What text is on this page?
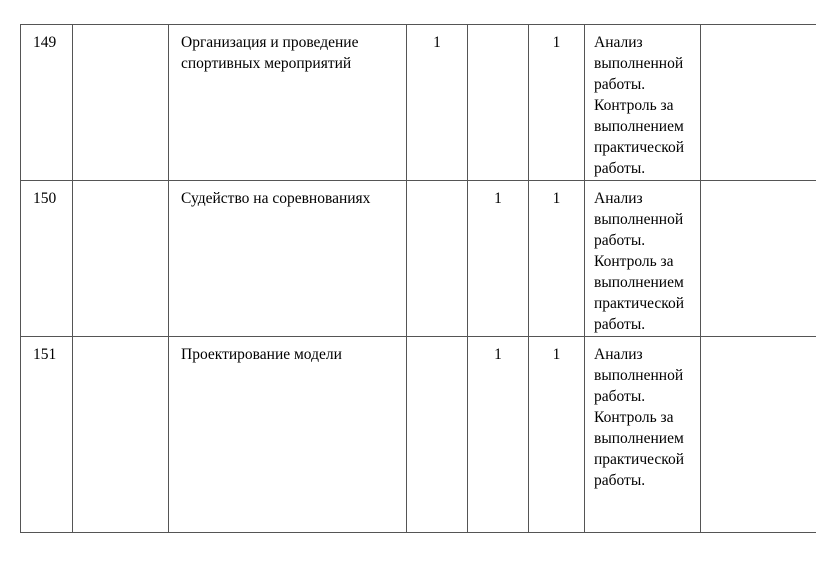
149		Организация и проведение спортивных мероприятий	1		1	Анализ выполненной работы. Контроль за выполнением практической работы.	
150		Судейство на соревнованиях		1	1	Анализ выполненной работы. Контроль за выполнением практической работы.	
151		Проектирование модели		1	1	Анализ выполненной работы. Контроль за выполнением практической работы.	
